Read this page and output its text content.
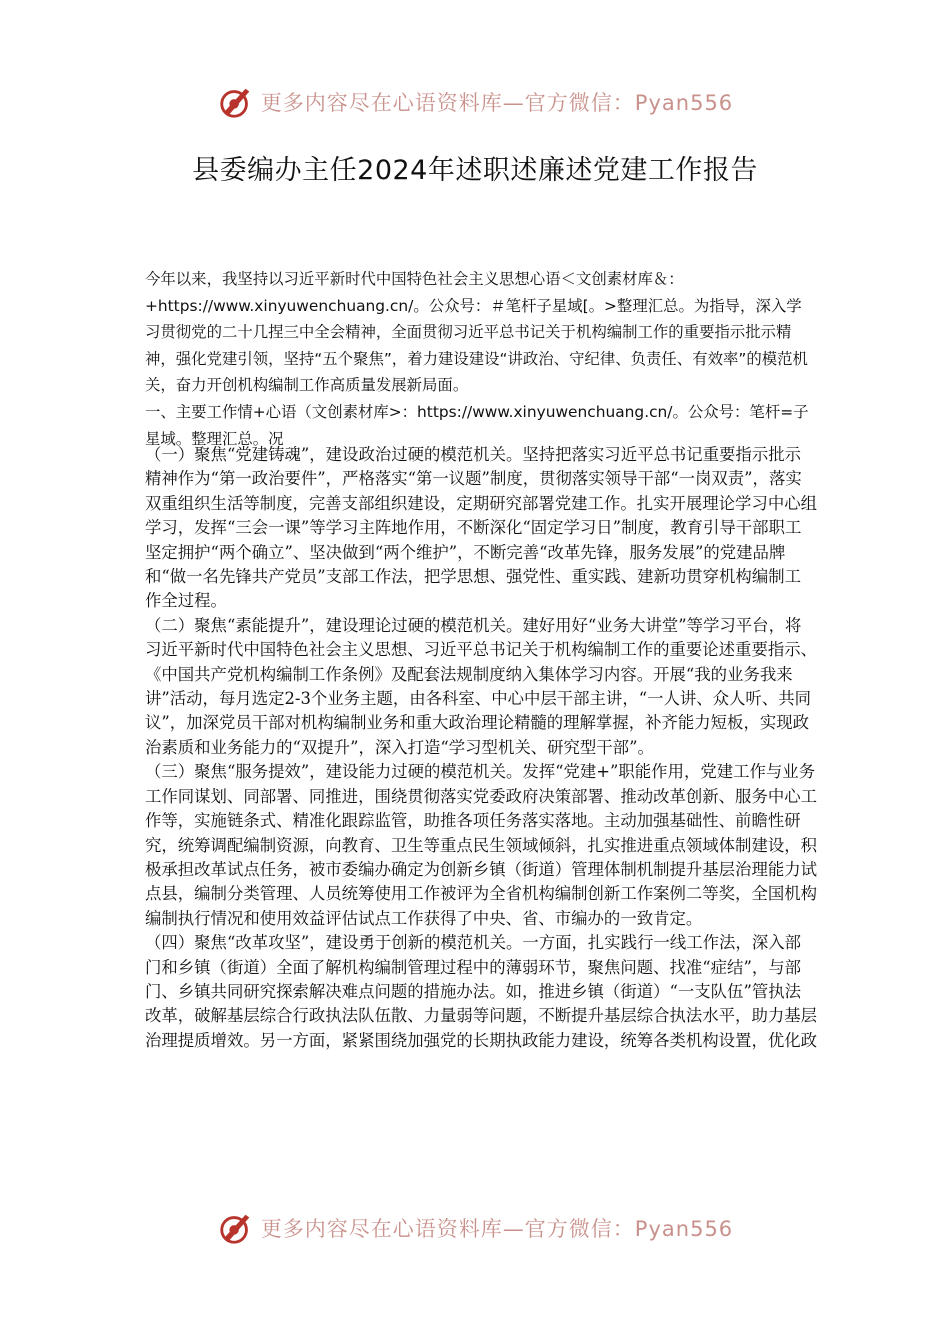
更多内容尽在心语资料库—官方微信：Pyan556
县委编办主任2024年述职述廉述党建工作报告

今年以来，我坚持以习近平新时代中国特色社会主义思想心语＜文创素材库＆：+https://www.xinyuwenchuang.cn/。公众号：＃笔杆子星域[。>整理汇总。为指导，深入学习贯彻党的二十几捏三中全会精神，全面贯彻习近平总书记关于机构编制工作的重要指示批示精神，强化党建引领，坚持“五个聚焦”，着力建设建设“讲政治、守纪律、负责任、有效率”的模范机关，奋力开创机构编制工作高质量发展新局面。

一、主要工作情+心语（文创素材库>：https://www.xinyuwenchuang.cn/。公众号：笔杆=子星域。整理汇总。况

（一）聚焦“党建铸魂”，建设政治过硬的模范机关。坚持把落实习近平总书记重要指示批示精神作为“第一政治要件”，严格落实“第一议题”制度，贯彻落实领导干部“一岗双责”，落实双重组织生活等制度，完善支部组织建设，定期研究部署党建工作。扎实开展理论学习中心组学习，发挥“三会一课”等学习主阵地作用，不断深化“固定学习日”制度，教育引导干部职工坚定拥护“两个确立”、坚决做到“两个维护”，不断完善“改革先锋，服务发展”的党建品牌和“做一名先锋共产党员”支部工作法，把学思想、强党性、重实践、建新功贯穿机构编制工作全过程。

（二）聚焦“素能提升”，建设理论过硬的模范机关。建好用好“业务大讲堂”等学习平台，将习近平新时代中国特色社会主义思想、习近平总书记关于机构编制工作的重要论述重要指示、《中国共产党机构编制工作条例》及配套法规制度纳入集体学习内容。开展“我的业务我来讲”活动，每月选定2-3个业务主题，由各科室、中心中层干部主讲，“一人讲、众人听、共同议”，加深党员干部对机构编制业务和重大政治理论精髓的理解掌握，补齐能力短板，实现政治素质和业务能力的“双提升”，深入打造“学习型机关、研究型干部”。

（三）聚焦“服务提效”，建设能力过硬的模范机关。发挥“党建+”职能作用，党建工作与业务工作同谋划、同部署、同推进，围绕贯彻落实党委政府决策部署、推动改革创新、服务中心工作等，实施链条式、精准化跟踪监管，助推各项任务落实落地。主动加强基础性、前瞻性研究，统筹调配编制资源，向教育、卫生等重点民生领域倾斜，扎实推进重点领域体制建设，积极承担改革试点任务，被市委编办确定为创新乡镇（街道）管理体制机制提升基层治理能力试点县，编制分类管理、人员统筹使用工作被评为全省机构编制创新工作案例二等奖，全国机构编制执行情况和使用效益评估试点工作获得了中央、省、市编办的一致肯定。

（四）聚焦“改革攻坚”，建设勇于创新的模范机关。一方面，扎实践行一线工作法，深入部门和乡镇（街道）全面了解机构编制管理过程中的薄弱环节，聚焦问题、找准“症结”，与部门、乡镇共同研究探索解决难点问题的措施办法。如，推进乡镇（街道）“一支队伍”管执法改革，破解基层综合行政执法队伍散、力量弱等问题，不断提升基层综合执法水平，助力基层治理提质增效。另一方面，紧紧围绕加强党的长期执政能力建设，统筹各类机构设置，优化政

更多内容尽在心语资料库—官方微信：Pyan556
